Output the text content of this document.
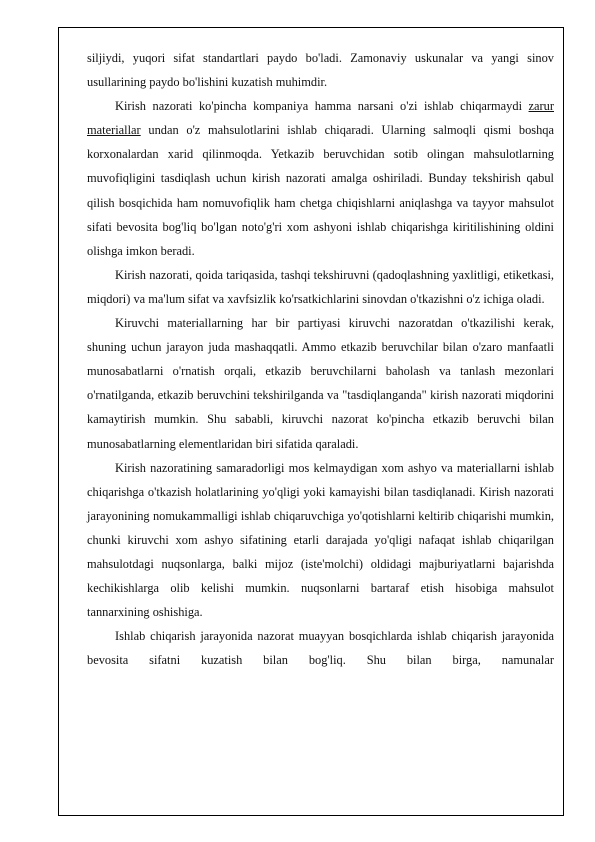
siljiydi, yuqori sifat standartlari paydo bo'ladi. Zamonaviy uskunalar va yangi sinov usullarining paydo bo'lishini kuzatish muhimdir.

Kirish nazorati ko'pincha kompaniya hamma narsani o'zi ishlab chiqarmaydi zarur materiallar undan o'z mahsulotlarini ishlab chiqaradi. Ularning salmoqli qismi boshqa korxonalardan xarid qilinmoqda. Yetkazib beruvchidan sotib olingan mahsulotlarning muvofiqligini tasdiqlash uchun kirish nazorati amalga oshiriladi. Bunday tekshirish qabul qilish bosqichida ham nomuvofiqlik ham chetga chiqishlarni aniqlashga va tayyor mahsulot sifati bevosita bog'liq bo'lgan noto'g'ri xom ashyoni ishlab chiqarishga kiritilishining oldini olishga imkon beradi.

Kirish nazorati, qoida tariqasida, tashqi tekshiruvni (qadoqlashning yaxlitligi, etiketkasi, miqdori) va ma'lum sifat va xavfsizlik ko'rsatkichlarini sinovdan o'tkazishni o'z ichiga oladi.

Kiruvchi materiallarning har bir partiyasi kiruvchi nazoratdan o'tkazilishi kerak, shuning uchun jarayon juda mashaqqatli. Ammo etkazib beruvchilar bilan o'zaro manfaatli munosabatlarni o'rnatish orqali, etkazib beruvchilarni baholash va tanlash mezonlari o'rnatilganda, etkazib beruvchini tekshirilganda va "tasdiqlanganda" kirish nazorati miqdorini kamaytirish mumkin. Shu sababli, kiruvchi nazorat ko'pincha etkazib beruvchi bilan munosabatlarning elementlaridan biri sifatida qaraladi.

Kirish nazoratining samaradorligi mos kelmaydigan xom ashyo va materiallarni ishlab chiqarishga o'tkazish holatlarining yo'qligi yoki kamayishi bilan tasdiqlanadi. Kirish nazorati jarayonining nomukammalligi ishlab chiqaruvchiga yo'qotishlarni keltirib chiqarishi mumkin, chunki kiruvchi xom ashyo sifatining etarli darajada yo'qligi nafaqat ishlab chiqarilgan mahsulotdagi nuqsonlarga, balki mijoz (iste'molchi) oldidagi majburiyatlarni bajarishda kechikishlarga olib kelishi mumkin. nuqsonlarni bartaraf etish hisobiga mahsulot tannarxining oshishiga.

Ishlab chiqarish jarayonida nazorat muayyan bosqichlarda ishlab chiqarish jarayonida bevosita sifatni kuzatish bilan bog'liq. Shu bilan birga, namunalar
